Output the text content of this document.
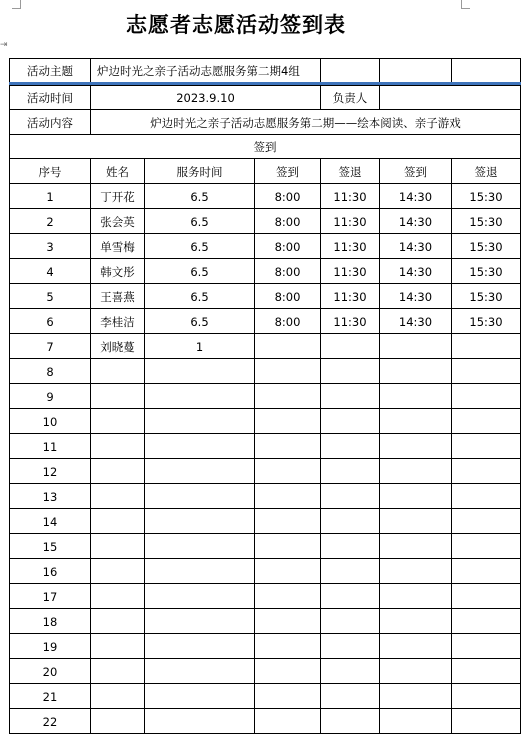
⇥
志愿者志愿活动签到表
活动主题	炉边时光之亲子活动志愿服务第二期4组
活动时间	2023.9.10	负责人
活动内容	炉边时光之亲子活动志愿服务第二期——绘本阅读、亲子游戏
签到
序号	姓名	服务时间	签到	签退	签到	签退
1	丁开花	6.5	8:00	11:30	14:30	15:30
2	张会英	6.5	8:00	11:30	14:30	15:30
3	单雪梅	6.5	8:00	11:30	14:30	15:30
4	韩文彤	6.5	8:00	11:30	14:30	15:30
5	王喜燕	6.5	8:00	11:30	14:30	15:30
6	李桂洁	6.5	8:00	11:30	14:30	15:30
7	刘晓蔓	1
8
9
10
11
12
13
14
15
16
17
18
19
20
21
22
